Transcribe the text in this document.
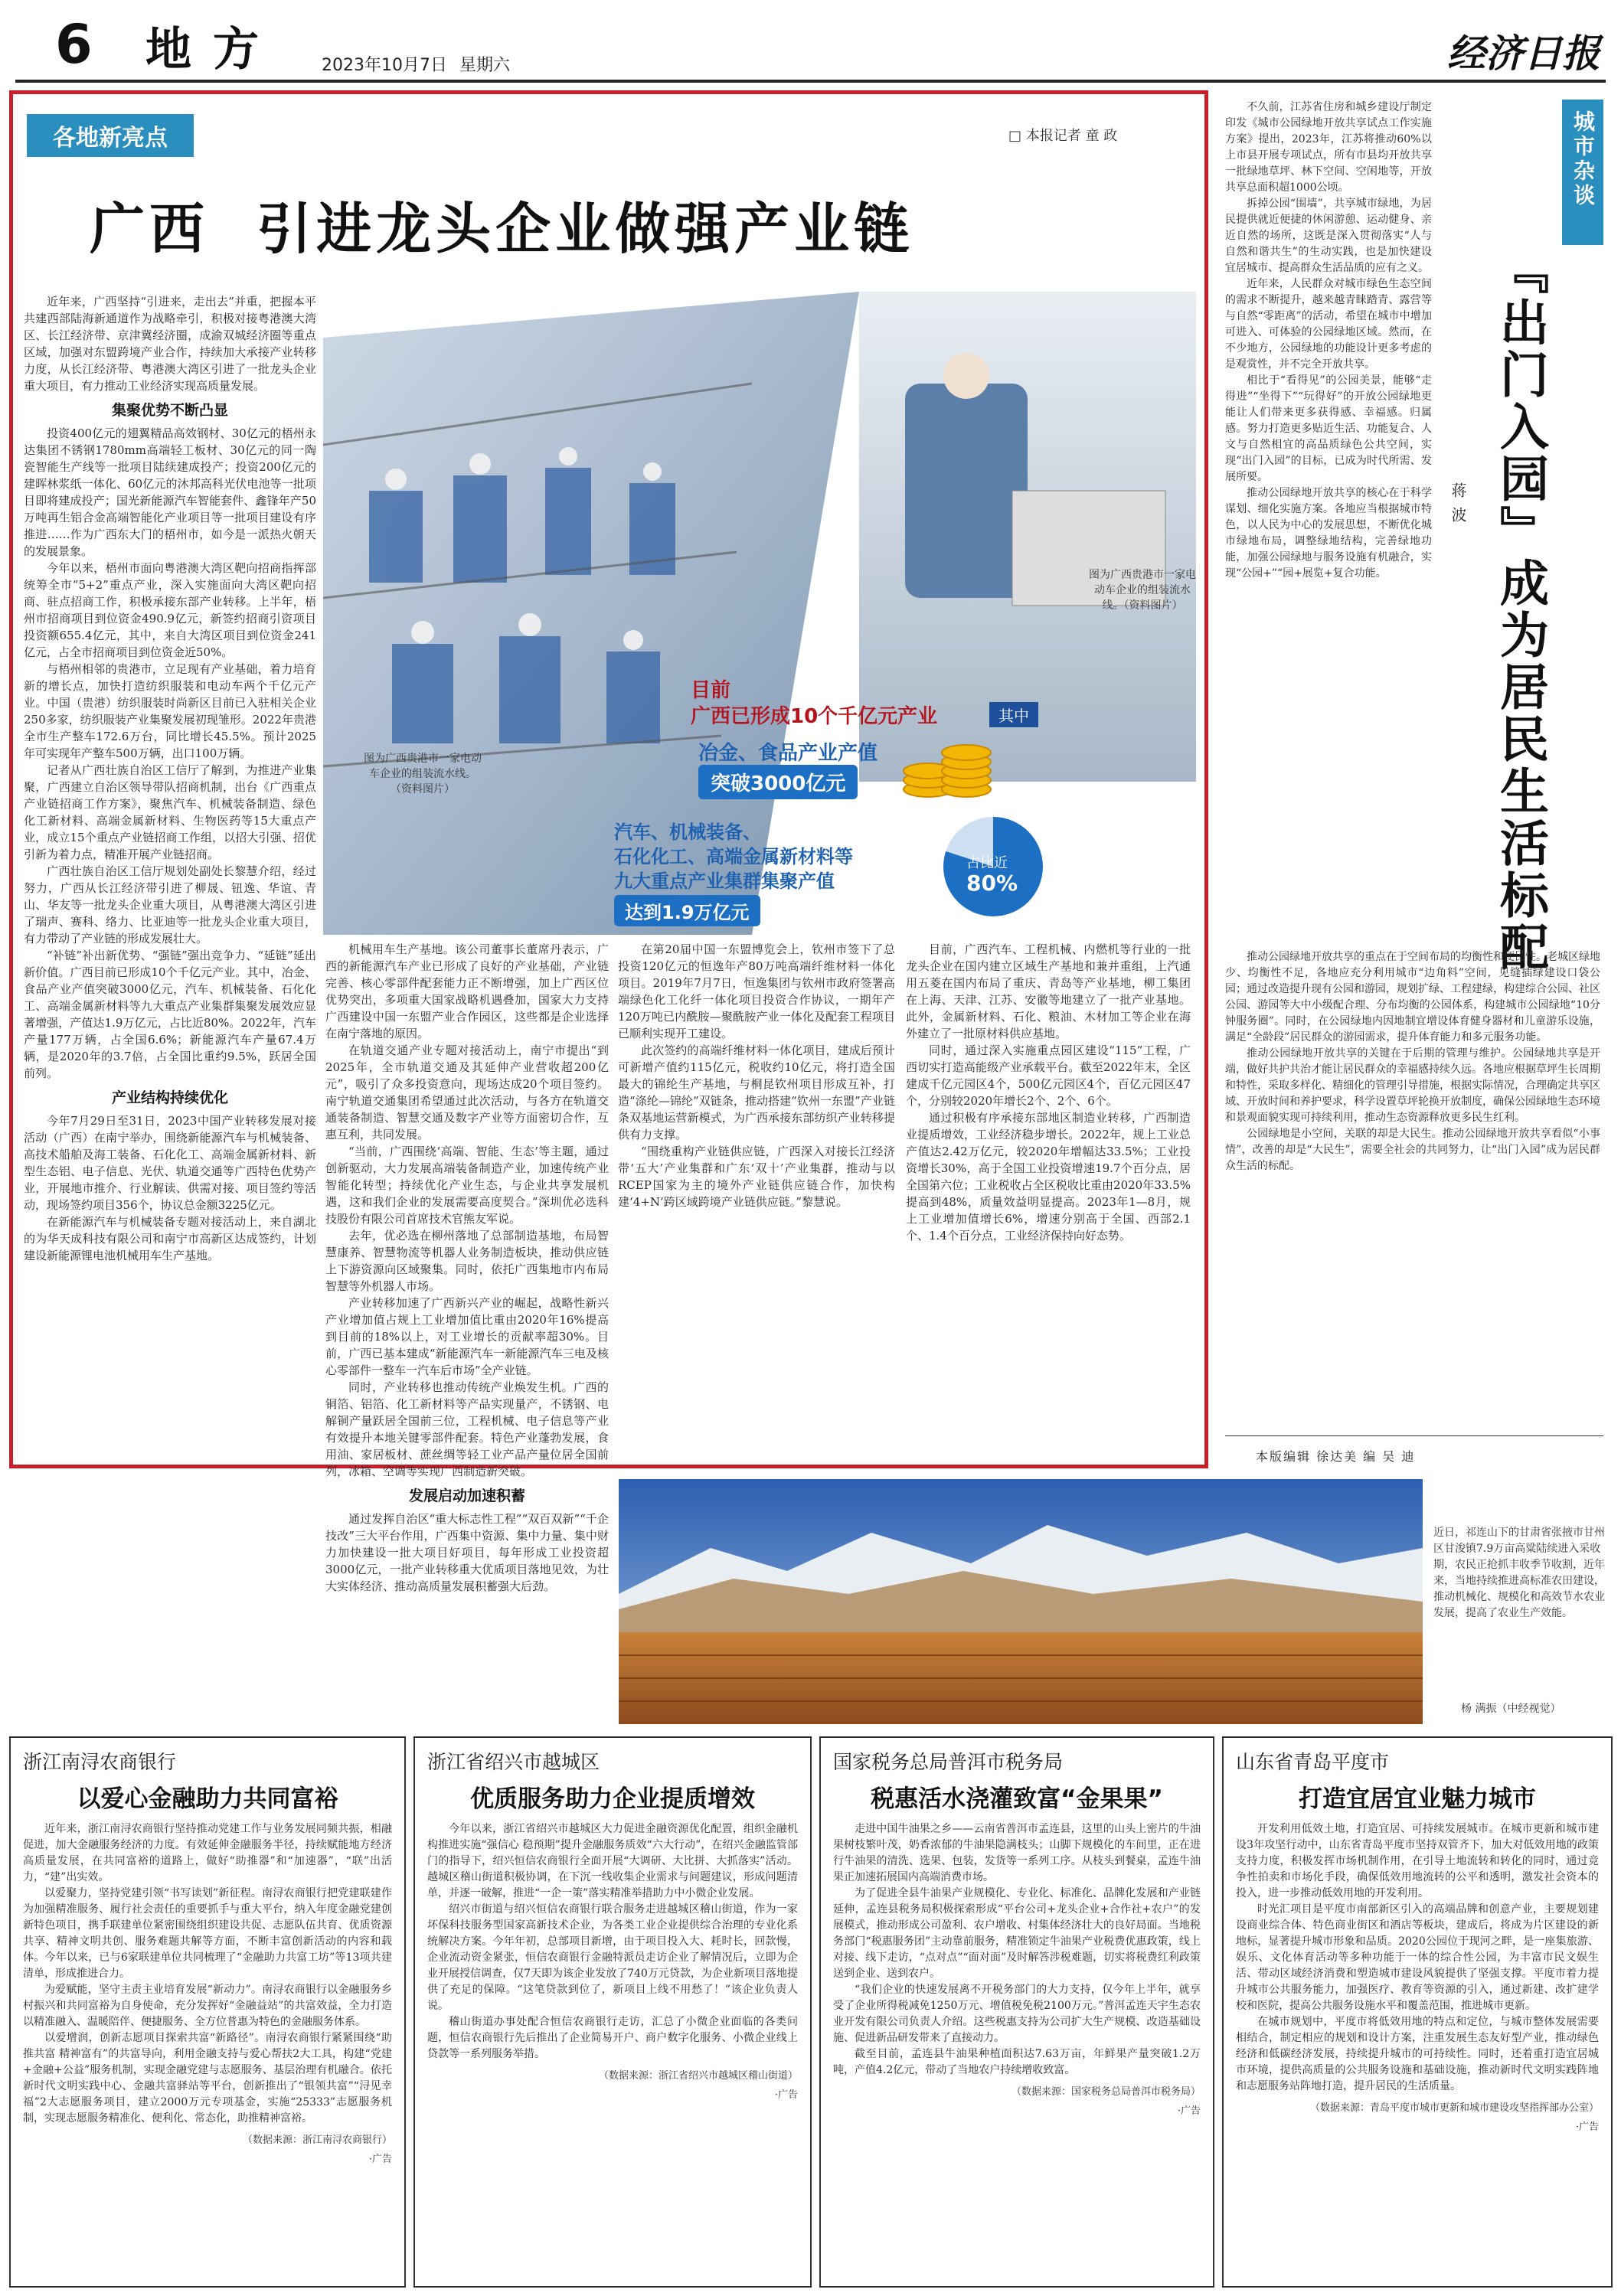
6 地方 2023年10月7日 星期六	经济日报
各地新亮点	□ 本报记者 童 政
广西  引进龙头企业做强产业链

近年来，广西坚持“引进来，走出去”并重，把握本平共建西部陆海新通道作为战略牵引，积极对接粤港澳大湾区、长江经济带、京津冀经济圈，成渝双城经济圈等重点区域，加强对东盟跨境产业合作，持续加大承接产业转移力度，从长江经济带、粤港澳大湾区引进了一批龙头企业重大项目，有力推动工业经济实现高质量发展。

集聚优势不断凸显

投资400亿元的翅翼精品高效钢材、30亿元的梧州永达集团不锈钢1780mm高端轻工板材、30亿元的同一陶瓷智能生产线等一批项目陆续建成投产；投资200亿元的建晖林浆纸一体化、60亿元的沐邦高科光伏电池等一批项目即将建成投产；国光新能源汽车智能套件、鑫锋年产50万吨再生铝合金高端智能化产业项目等一批项目建设有序推进……作为广西东大门的梧州市，如今是一派热火朝天的发展景象。

今年以来，梧州市面向粤港澳大湾区靶向招商指挥部统筹全市“5+2”重点产业，深入实施面向大湾区靶向招商、驻点招商工作，积极承接东部产业转移。上半年，梧州市招商项目到位资金490.9亿元，新签约招商引资项目投资额655.4亿元，其中，来自大湾区项目到位资金241亿元，占全市招商项目到位资金近50%。

与梧州相邻的贵港市，立足现有产业基础，着力培育新的增长点，加快打造纺织服装和电动车两个千亿元产业。中国（贵港）纺织服装时尚新区目前已入驻相关企业250多家，纺织服装产业集聚发展初现雏形。2022年贵港全市生产整车172.6万台，同比增长45.5%。预计2025年可实现年产整车500万辆，出口100万辆。

记者从广西壮族自治区工信厅了解到，为推进产业集聚，广西建立自治区领导带队招商机制，出台《广西重点产业链招商工作方案》，聚焦汽车、机械装备制造、绿色化工新材料、高端金属新材料、生物医药等15大重点产业，成立15个重点产业链招商工作组，以招大引强、招优引新为着力点，精准开展产业链招商。

广西壮族自治区工信厅规划处副处长黎慧介绍，经过努力，广西从长江经济带引进了柳晟、钮逸、华谊、青山、华友等一批龙头企业重大项目，从粤港澳大湾区引进了瑞声、赛科、络力、比亚迪等一批龙头企业重大项目，有力带动了产业链的形成发展壮大。

“补链”补出新优势、“强链”强出竞争力、“延链”延出新价值。广西目前已形成10个千亿元产业。其中，冶金、食品产业产值突破3000亿元，汽车、机械装备、石化化工、高端金属新材料等九大重点产业集群集聚发展效应显著增强，产值达1.9万亿元，占比近80%。2022年，汽车产量177万辆，占全国6.6%；新能源汽车产量67.4万辆，是2020年的3.7倍，占全国比重约9.5%，跃居全国前列。

产业结构持续优化

今年7月29日至31日，2023中国产业转移发展对接活动（广西）在南宁举办，围绕新能源汽车与机械装备、高技术船舶及海工装备、石化化工、高端金属新材料、新型生态铝、电子信息、光伏、轨道交通等广西特色优势产业，开展地市推介、行业解读、供需对接、项目签约等活动，现场签约项目356个，协议总金额3225亿元。

在新能源汽车与机械装备专题对接活动上，来自湖北的为华天成科技有限公司和南宁市高新区达成签约，计划建设新能源锂电池机械用车生产基地。

图为广西贵港市一家电动车企业的组装流水线。（资料图片）
图为广西贵港市一家电动车企业的组装流水线。（资料图片）
目前
广西已形成10个千亿元产业	其中
冶金、食品产业产值
突破3000亿元
汽车、机械装备、
石化化工、高端金属新材料等
九大重点产业集群集聚产值
达到1.9万亿元
占比近
80%

机械用车生产基地。该公司董事长董席丹表示，广西的新能源汽车产业已形成了良好的产业基础，产业链完善、核心零部件配套能力正不断增强，加上广西区位优势突出，多项重大国家战略机遇叠加，国家大力支持广西建设中国一东盟产业合作园区，这些都是企业选择在南宁落地的原因。

在轨道交通产业专题对接活动上，南宁市提出“到2025年，全市轨道交通及其延伸产业营收超200亿元”，吸引了众多投资意向，现场达成20个项目签约。南宁轨道交通集团希望通过此次活动，与各方在轨道交通装备制造、智慧交通及数字产业等方面密切合作，互惠互利，共同发展。

“当前，广西围绕‘高端、智能、生态’等主题，通过创新驱动，大力发展高端装备制造产业，加速传统产业智能化转型；持续优化产业生态，与企业共享发展机遇，这和我们企业的发展需要高度契合。”深圳优必选科技股份有限公司首席技术官熊友军说。

去年，优必选在柳州落地了总部制造基地，布局智慧康养、智慧物流等机器人业务制造板块，推动供应链上下游资源向区域聚集。同时，依托广西集地市内布局智慧等外机器人市场。

产业转移加速了广西新兴产业的崛起，战略性新兴产业增加值占规上工业增加值比重由2020年16%提高到目前的18%以上，对工业增长的贡献率超30%。目前，广西已基本建成“新能源汽车一新能源汽车三电及核心零部件一整车一汽车后市场”全产业链。

同时，产业转移也推动传统产业焕发生机。广西的铜箔、铝箔、化工新材料等产品实现量产，不锈钢、电解铜产量跃居全国前三位，工程机械、电子信息等产业有效提升本地关键零部件配套。特色产业蓬勃发展，食用油、家居板材、蔗丝绸等轻工业产品产量位居全国前列，冰箱、空调等实现广西制造新突破。

发展启动加速积蓄

通过发挥自治区“重大标志性工程”“双百双新”“千企技改”三大平台作用，广西集中资源、集中力量、集中财力加快建设一批大项目好项目，每年形成工业投资超3000亿元，一批产业转移重大优质项目落地见效，为壮大实体经济、推动高质量发展积蓄强大后劲。

在第20届中国一东盟博览会上，钦州市签下了总投资120亿元的恒逸年产80万吨高端纤维材料一体化项目。2019年7月7日，恒逸集团与钦州市政府签署高端绿色化工化纤一体化项目投资合作协议，一期年产120万吨已内酰胺—聚酰胺产业一体化及配套工程项目已顺利实现开工建设。

此次签约的高端纤维材料一体化项目，建成后预计可新增产值约115亿元，税收约10亿元，将打造全国最大的锦纶生产基地，与桐昆钦州项目形成互补，打造“涤纶—锦纶”双链条，推动搭建“钦州一东盟”产业链条双基地运营新模式，为广西承接东部纺织产业转移提供有力支撑。

“围绕重构产业链供应链，广西深入对接长江经济带‘五大’产业集群和广东‘双十’产业集群，推动与以RCEP国家为主的境外产业链供应链合作，加快构建‘4+N’跨区域跨境产业链供应链。”黎慧说。

目前，广西汽车、工程机械、内燃机等行业的一批龙头企业在国内建立区域生产基地和兼并重组，上汽通用五菱在国内布局了重庆、青岛等产业基地，柳工集团在上海、天津、江苏、安徽等地建立了一批产业基地。此外，金属新材料、石化、粮油、木材加工等企业在海外建立了一批原材料供应基地。

同时，通过深入实施重点园区建设“115”工程，广西切实打造高能级产业承载平台。截至2022年末，全区建成千亿元园区4个，500亿元园区4个，百亿元园区47个，分别较2020年增长2个、2个、6个。

通过积极有序承接东部地区制造业转移，广西制造业提质增效，工业经济稳步增长。2022年，规上工业总产值达2.42万亿元，较2020年增幅达33.5%；工业投资增长30%，高于全国工业投资增速19.7个百分点，居全国第六位；工业税收占全区税收比重由2020年33.5%提高到48%，质量效益明显提高。2023年1—8月，规上工业增加值增长6%，增速分别高于全国、西部2.1个、1.4个百分点，工业经济保持向好态势。

城市杂谈
『出门入园』成为居民生活标配
蒋波

不久前，江苏省住房和城乡建设厅制定印发《城市公园绿地开放共享试点工作实施方案》提出，2023年，江苏将推动60%以上市县开展专项试点，所有市县均开放共享一批绿地草坪、林下空间、空闲地等，开放共享总面积超1000公顷。

拆掉公园“围墙”，共享城市绿地，为居民提供就近便捷的休闲游憩、运动健身、亲近自然的场所，这既是深入贯彻落实“人与自然和谐共生”的生动实践，也是加快建设宜居城市、提高群众生活品质的应有之义。

近年来，人民群众对城市绿色生态空间的需求不断提升，越来越青睐踏青、露营等与自然“零距离”的活动，希望在城市中增加可进入、可体验的公园绿地区域。然而，在不少地方，公园绿地的功能设计更多考虑的是观赏性，并不完全开放共享。

相比于“看得见”的公园美景，能够“走得进”“坐得下”“玩得好”的开放公园绿地更能让人们带来更多获得感、幸福感。归属感。努力打造更多贴近生活、功能复合、人文与自然相宜的高品质绿色公共空间，实现“出门入园”的目标，已成为时代所需、发展所要。

推动公园绿地开放共享的核心在于科学谋划、细化实施方案。各地应当根据城市特色，以人民为中心的发展思想，不断优化城市绿地布局，调整绿地结构，完善绿地功能，加强公园绿地与服务设施有机融合，实现“公园+”“园+展览+复合功能。

推动公园绿地开放共享的重点在于空间布局的均衡性和便民性。老城区绿地少、均衡性不足，各地应充分利用城市“边角料”空间，见缝插绿建设口袋公园；通过改造提升现有公园和游园，规划扩绿、工程建绿，构建综合公园、社区公园、游园等大中小级配合理、分布均衡的公园体系，构建城市公园绿地“10分钟服务圈”。同时，在公园绿地内因地制宜增设体育健身器材和儿童游乐设施，满足“全龄段”居民群众的游园需求，提升体育能力和多元服务功能。

推动公园绿地开放共享的关键在于后期的管理与维护。公园绿地共享是开端，做好共护共治才能让居民群众的幸福感持续久远。各地应根据草坪生长周期和特性，采取多样化、精细化的管理引导措施，根据实际情况，合理确定共享区域、开放时间和养护要求，科学设置草坪轮换开放制度，确保公园绿地生态环境和景观面貌实现可持续利用，推动生态资源释放更多民生红利。

公园绿地是小空间，关联的却是大民生。推动公园绿地开放共享看似“小事情”，改善的却是“大民生”，需要全社会的共同努力，让“出门入园”成为居民群众生活的标配。

本版编辑 徐达美 编 吴 迪
近日，祁连山下的甘肃省张掖市甘州区甘浚镇7.9万亩高粱陆续进入采收期，农民正抢抓丰收季节收割，近年来，当地持续推进高标准农田建设，推动机械化、规模化和高效节水农业发展，提高了农业生产效能。
杨 满振（中经视觉）
浙江南浔农商银行
以爱心金融助力共同富裕

近年来，浙江南浔农商银行坚持推动党建工作与业务发展同频共振，相融促进，加大金融服务经济的力度。有效延伸金融服务半径，持续赋能地方经济高质量发展，在共同富裕的道路上，做好“助推器”和“加速器”，“联”出活力，“建”出实效。

以爱聚力，坚持党建引领“书写读划”新征程。南浔农商银行把党建联建作为加强精准服务、履行社会责任的重要抓手与重大平台，纳入年度金融党建创新特色项目，携手联建单位紧密围绕组织建设共促、志愿队伍共育、优质资源共享、精神文明共创、服务难题共解等方面，不断丰富创新活动的内容和载体。今年以来，已与6家联建单位共同梳理了“金融助力共富工坊”等13项共建清单，形成推进合力。

为爱赋能，坚守主责主业培育发展“新动力”。南浔农商银行以金融服务乡村振兴和共同富裕为自身使命，充分发挥好“金融益站”的共富效益，全力打造以精准融入、温暖陪伴、便捷服务、全方位普惠为特色的金融服务体系。

以爱增润，创新志愿项目探索共富“新路径”。南浔农商银行紧紧围绕“助推共富 精神富有”的共富导向，利用金融支持与爱心帮扶2大工具，构建“党建+金融+公益”服务机制，实现金融党建与志愿服务、基层治理有机融合。依托新时代文明实践中心、金融共富驿站等平台，创新推出了“银领共富”“浔见幸福”2大志愿服务项目，建立2000万元专项基金，实施“25333”志愿服务机制，实现志愿服务精准化、便利化、常态化，助推精神富裕。

（数据来源：浙江南浔农商银行）
·广告
浙江省绍兴市越城区
优质服务助力企业提质增效

今年以来，浙江省绍兴市越城区大力促进金融资源优化配置，组织金融机构推进实施“强信心 稳预期”提升金融服务质效“六大行动”，在绍兴金融监管部门的指导下，绍兴恒信农商银行全面开展“大调研、大比拼、大抓落实”活动。越城区稽山街道积极协调，在下沉一线收集企业需求与问题建议，形成问题清单，并逐一破解，推进“一企一策”落实精准举措助力中小微企业发展。

绍兴市街道与绍兴恒信农商银行联合服务走进越城区稽山街道，作为一家坏保科技服务型国家高新技术企业，为各类工业企业提供综合治理的专业化系统解决方案。今年年初，总部项目新增，由于项目投入大、耗时长，回款慢，企业流动资金紧张，恒信农商银行金融特派员走访企业了解情况后，立即为企业开展授信调查，仅7天即为该企业发放了740万元贷款，为企业新项目落地提供了充足的保障。“这笔贷款到位了，新项目上线不用愁了！”该企业负责人说。

稽山街道办事处配合恒信农商银行走访，汇总了小微企业面临的各类问题，恒信农商银行先后推出了企业简易开户、商户数字化服务、小微企业线上贷款等一系列服务举措。

（数据来源：浙江省绍兴市越城区稽山街道）
·广告
国家税务总局普洱市税务局
税惠活水浇灌致富“金果果”

走进中国牛油果之乡——云南省普洱市孟连县，这里的山头上密片的牛油果树枝繁叶茂，奶香浓郁的牛油果隐满枝头；山脚下规模化的车间里，正在进行牛油果的清洗、选果、包装，发货等一系列工序。从枝头到餐桌，孟连牛油果正加速拓展国内高端消费市场。

为了促进全县牛油果产业规模化、专业化、标准化、品牌化发展和产业链延伸，孟连县税务局积极探索形成“平台公司+龙头企业+合作社+农户”的发展模式，推动形成公司盈利、农户增收、村集体经济壮大的良好局面。当地税务部门“税惠服务团”主动靠前服务，精准锁定牛油果产业税费优惠政策，线上对接、线下走访，“点对点”“面对面”及时解答涉税难题，切实将税费红利政策送到企业、送到农户。

“我们企业的快速发展离不开税务部门的大力支持，仅今年上半年，就享受了企业所得税减免1250万元、增值税免税2100万元。”普洱孟连天宇生态农业开发有限公司负责人介绍。这些税惠支持为公司扩大生产规模、改造基础设施、促进新品研发带来了直接动力。

截至目前，孟连县牛油果种植面积达7.63万亩，年鲜果产量突破1.2万吨，产值4.2亿元，带动了当地农户持续增收致富。

（数据来源：国家税务总局普洱市税务局）
·广告
山东省青岛平度市
打造宜居宜业魅力城市

开发利用低效土地，打造宜居、可持续发展城市。在城市更新和城市建设3年攻坚行动中，山东省青岛平度市坚持双管齐下，加大对低效用地的政策支持力度，积极发挥市场机制作用，在引导土地流转和转化的同时，通过竞争性拍卖和市场化手段，确保低效用地流转的公平和透明，激发社会资本的投入，进一步推动低效用地的开发利用。

时光汇项目是平度市南部新区引入的高端品牌和创意产业，主要规划建设商业综合体、特色商业街区和酒店等板块，建成后，将成为片区建设的新地标，显著提升城市形象和品质。2020公园位于现河之畔，是一座集旅游、娱乐、文化体育活动等多种功能于一体的综合性公园，为丰富市民文娱生活、带动区域经济消费和塑造城市建设风貌提供了坚强支撑。平度市着力提升城市公共服务能力，加强医疗、教育等资源的引入，通过新建、改扩建学校和医院，提高公共服务设施水平和覆盖范围，推进城市更新。

在城市规划中，平度市将低效用地的特点和定位，与城市整体发展需要相结合，制定相应的规划和设计方案，注重发展生态友好型产业，推动绿色经济和低碳经济发展，持续提升城市的可持续性。同时，还着重打造宜居城市环境，提供高质量的公共服务设施和基础设施，推动新时代文明实践阵地和志愿服务站阵地打造，提升居民的生活质量。

（数据来源：青岛平度市城市更新和城市建设攻坚指挥部办公室）
·广告
